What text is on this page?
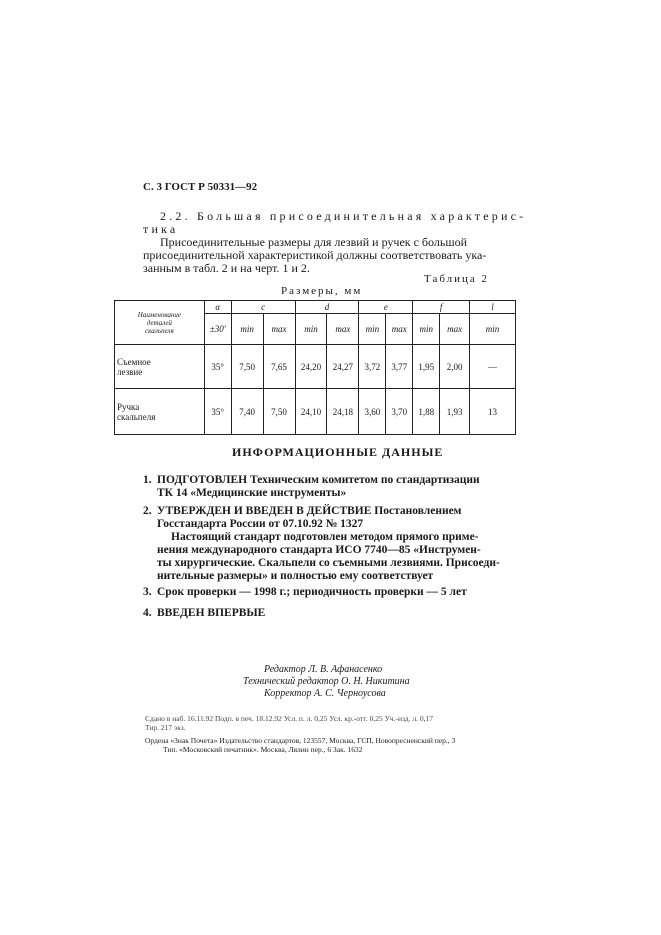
С. 3 ГОСТ Р 50331—92
2.2. Большая присоединительная характерис-
тика
Присоединительные размеры для лезвий и ручек с большой
присоединительной характеристикой должны соответствовать ука-
занным в табл. 2 и на черт. 1 и 2.
Таблица 2
Размеры, мм
Наименование
деталей
скальпеля	α	c		d		e		f		l
	±30'	min	max	min	max	min	max	min	max	min
Съемное
лезвие	35°	7,50	7,65	24,20	24,27	3,72	3,77	1,95	2,00	—
Ручка
скальпеля	35°	7,40	7,50	24,10	24,18	3,60	3,70	1,88	1,93	13
ИНФОРМАЦИОННЫЕ ДАННЫЕ
1. ПОДГОТОВЛЕН Техническим комитетом по стандартизации
ТК 14 «Медицинские инструменты»
2. УТВЕРЖДЕН И ВВЕДЕН В ДЕЙСТВИЕ Постановлением
Госстандарта России от 07.10.92 № 1327
Настоящий стандарт подготовлен методом прямого приме-
нения международного стандарта ИСО 7740—85 «Инструмен-
ты хирургические. Скальпели со съемными лезвиями. Присоеди-
нительные размеры» и полностью ему соответствует
3. Срок проверки — 1998 г.; периодичность проверки — 5 лет
4. ВВЕДЕН ВПЕРВЫЕ
Редактор Л. В. Афанасенко
Технический редактор О. Н. Никитина
Корректор А. С. Черноусова
Сдано в наб. 16.11.92 Подп. в печ. 18.12.92 Усл. п. л. 0,25 Усл. кр.-отт. 0,25 Уч.-изд. л. 0,17
Тир. 217 экз.
Ордена «Знак Почета» Издательство стандартов, 123557, Москва, ГСП, Новопресненский пер., 3
Тип. «Московский печатник». Москва, Лялин пер., 6 Зак. 1632
